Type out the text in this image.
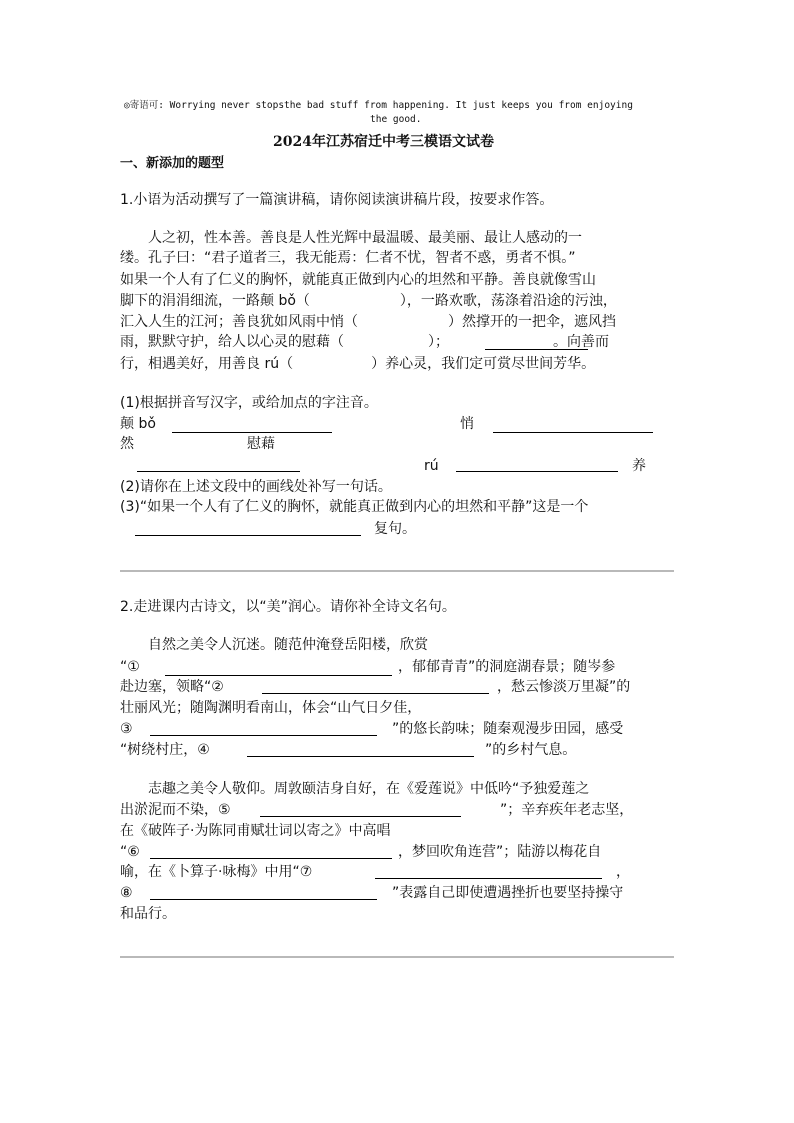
◎寄语可: Worrying never stopsthe bad stuff from happening. It just keeps you from enjoying
the good.
2024年江苏宿迁中考三模语文试卷
一、新添加的题型
1.小语为活动撰写了一篇演讲稿，请你阅读演讲稿片段，按要求作答。
人之初，性本善。善良是人性光辉中最温暖、最美丽、最让人感动的一
缕。孔子曰：“君子道者三，我无能焉：仁者不忧，智者不惑，勇者不惧。”
如果一个人有了仁义的胸怀，就能真正做到内心的坦然和平静。善良就像雪山
脚下的涓涓细流，一路颠 bǒ（	），一路欢歌，荡涤着沿途的污浊，
汇入人生的江河；善良犹如风雨中悄（	）然撑开的一把伞，遮风挡
雨，默默守护，给人以心灵的慰藉（	）；	。向善而
行，相遇美好，用善良 rú（	）养心灵，我们定可赏尽世间芳华。
(1)根据拼音写汉字，或给加点的字注音。
颠 bǒ	悄
然	慰藉
rú	养
(2)请你在上述文段中的画线处补写一句话。
(3)“如果一个人有了仁义的胸怀，就能真正做到内心的坦然和平静”这是一个
复句。
2.走进课内古诗文，以“美”润心。请你补全诗文名句。
自然之美令人沉迷。随范仲淹登岳阳楼，欣赏
“①	，郁郁青青”的洞庭湖春景；随岑参
赴边塞，领略“②	，愁云惨淡万里凝”的
壮丽风光；随陶渊明看南山，体会“山气日夕佳，
③	”的悠长韵味；随秦观漫步田园，感受
“树绕村庄，④	”的乡村气息。
志趣之美令人敬仰。周敦颐洁身自好，在《爱莲说》中低吟“予独爱莲之
出淤泥而不染，⑤	”；辛弃疾年老志坚，
在《破阵子·为陈同甫赋壮词以寄之》中高唱
“⑥	，梦回吹角连营”；陆游以梅花自
喻，在《卜算子·咏梅》中用“⑦	，
⑧	”表露自己即使遭遇挫折也要坚持操守
和品行。
